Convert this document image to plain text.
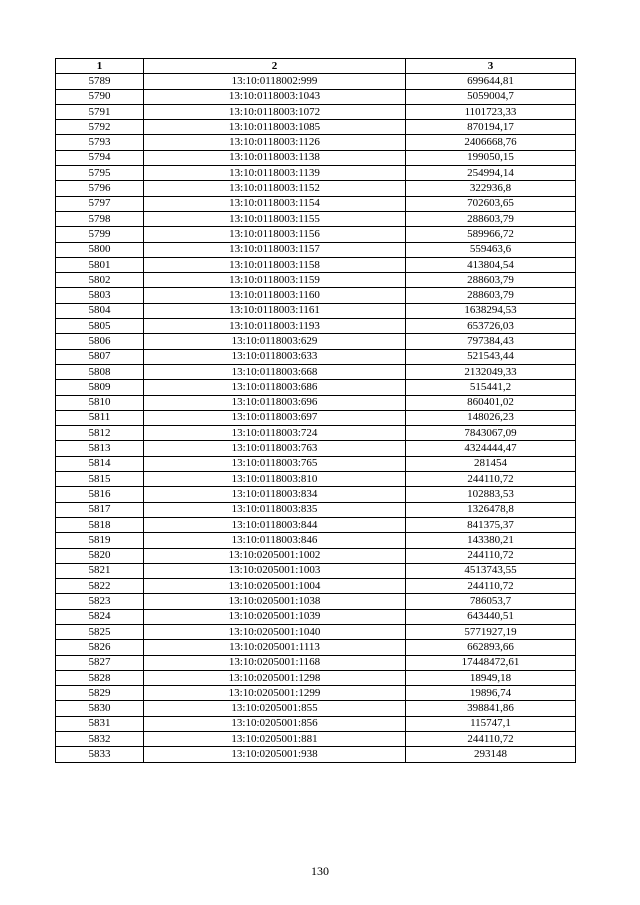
1	2	3
5789	13:10:0118002:999	699644,81
5790	13:10:0118003:1043	5059004,7
5791	13:10:0118003:1072	1101723,33
5792	13:10:0118003:1085	870194,17
5793	13:10:0118003:1126	2406668,76
5794	13:10:0118003:1138	199050,15
5795	13:10:0118003:1139	254994,14
5796	13:10:0118003:1152	322936,8
5797	13:10:0118003:1154	702603,65
5798	13:10:0118003:1155	288603,79
5799	13:10:0118003:1156	589966,72
5800	13:10:0118003:1157	559463,6
5801	13:10:0118003:1158	413804,54
5802	13:10:0118003:1159	288603,79
5803	13:10:0118003:1160	288603,79
5804	13:10:0118003:1161	1638294,53
5805	13:10:0118003:1193	653726,03
5806	13:10:0118003:629	797384,43
5807	13:10:0118003:633	521543,44
5808	13:10:0118003:668	2132049,33
5809	13:10:0118003:686	515441,2
5810	13:10:0118003:696	860401,02
5811	13:10:0118003:697	148026,23
5812	13:10:0118003:724	7843067,09
5813	13:10:0118003:763	4324444,47
5814	13:10:0118003:765	281454
5815	13:10:0118003:810	244110,72
5816	13:10:0118003:834	102883,53
5817	13:10:0118003:835	1326478,8
5818	13:10:0118003:844	841375,37
5819	13:10:0118003:846	143380,21
5820	13:10:0205001:1002	244110,72
5821	13:10:0205001:1003	4513743,55
5822	13:10:0205001:1004	244110,72
5823	13:10:0205001:1038	786053,7
5824	13:10:0205001:1039	643440,51
5825	13:10:0205001:1040	5771927,19
5826	13:10:0205001:1113	662893,66
5827	13:10:0205001:1168	17448472,61
5828	13:10:0205001:1298	18949,18
5829	13:10:0205001:1299	19896,74
5830	13:10:0205001:855	398841,86
5831	13:10:0205001:856	115747,1
5832	13:10:0205001:881	244110,72
5833	13:10:0205001:938	293148
130
